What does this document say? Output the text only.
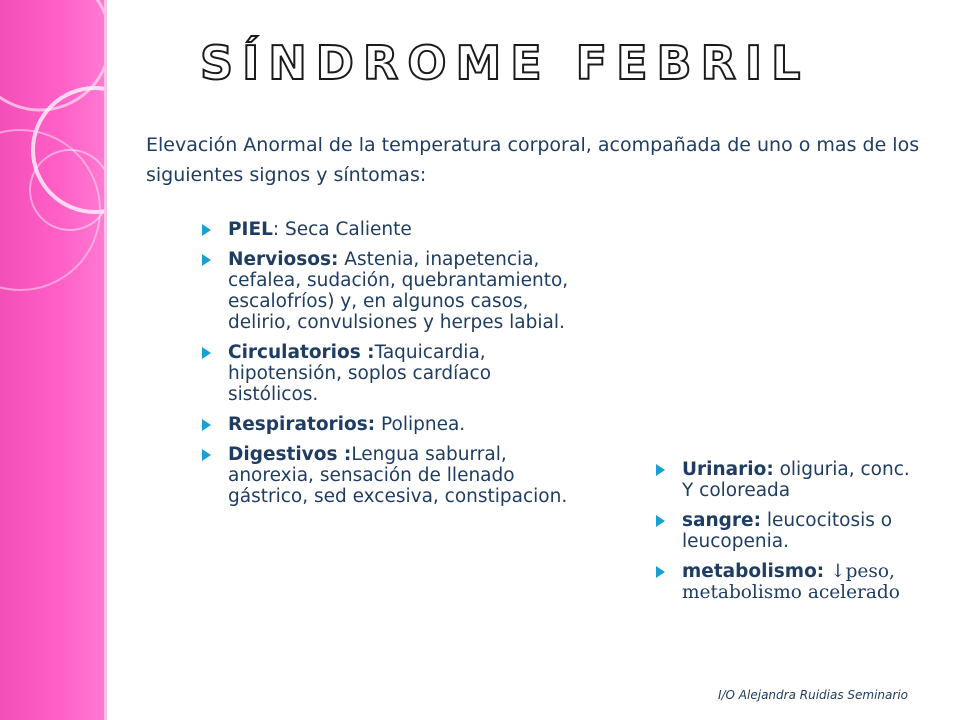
SÍNDROME FEBRIL

Elevación Anormal de la temperatura corporal, acompañada de uno o mas de los siguientes signos y síntomas:

PIEL: Seca Caliente
Nerviosos: Astenia, inapetencia, cefalea, sudación, quebrantamiento, escalofríos) y, en algunos casos, delirio, convulsiones y herpes labial.
Circulatorios :Taquicardia, hipotensión, soplos cardíaco sistólicos.
Respiratorios: Polipnea.
Digestivos :Lengua saburral, anorexia, sensación de llenado gástrico, sed excesiva, constipacion.
Urinario: oliguria, conc. Y coloreada
sangre: leucocitosis o leucopenia.
metabolismo: ↓peso, metabolismo acelerado
I/O Alejandra Ruidias Seminario
